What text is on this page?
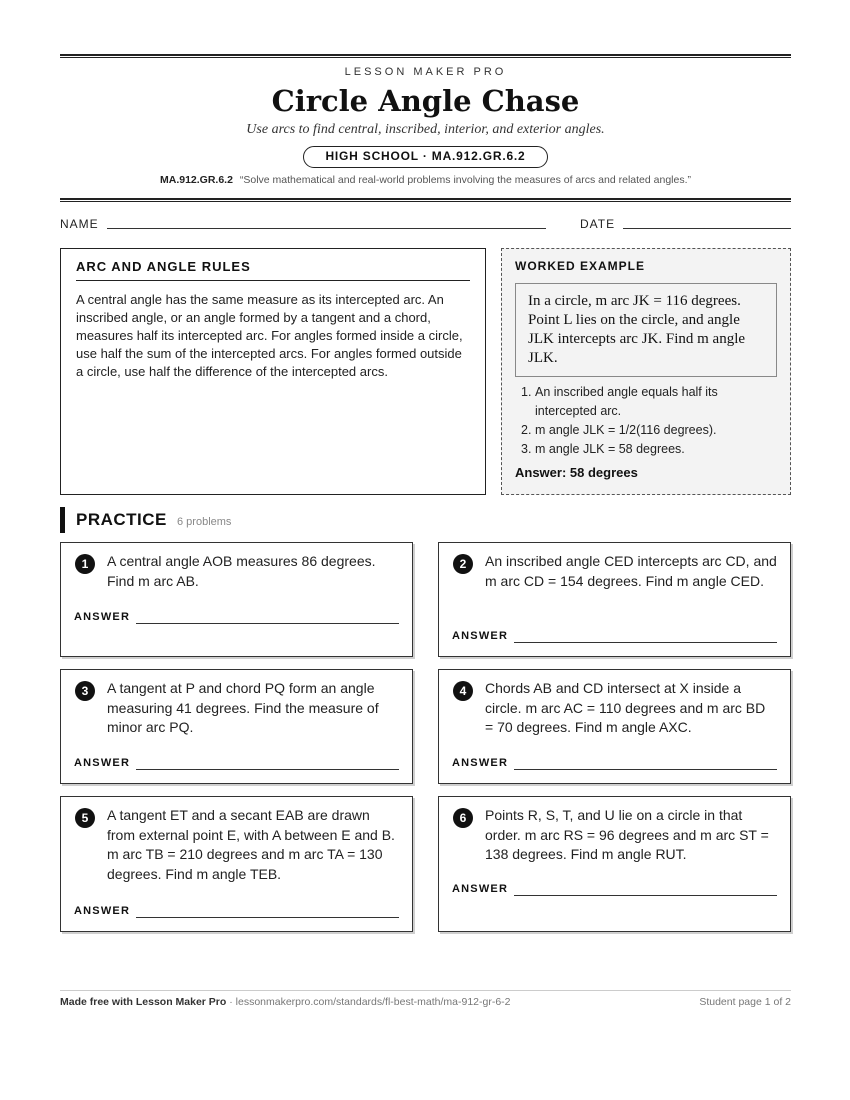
LESSON MAKER PRO
Circle Angle Chase
Use arcs to find central, inscribed, interior, and exterior angles.
HIGH SCHOOL · MA.912.GR.6.2
MA.912.GR.6.2 “Solve mathematical and real-world problems involving the measures of arcs and related angles.”
NAME	DATE
ARC AND ANGLE RULES
A central angle has the same measure as its intercepted arc. An inscribed angle, or an angle formed by a tangent and a chord, measures half its intercepted arc. For angles formed inside a circle, use half the sum of the intercepted arcs. For angles formed outside a circle, use half the difference of the intercepted arcs.
WORKED EXAMPLE
In a circle, m arc JK = 116 degrees. Point L lies on the circle, and angle JLK intercepts arc JK. Find m angle JLK.
1. An inscribed angle equals half its intercepted arc.
2. m angle JLK = 1/2(116 degrees).
3. m angle JLK = 58 degrees.
Answer: 58 degrees
PRACTICE 6 problems
1	A central angle AOB measures 86 degrees. Find m arc AB.
ANSWER
2	An inscribed angle CED intercepts arc CD, and m arc CD = 154 degrees. Find m angle CED.
ANSWER
3	A tangent at P and chord PQ form an angle measuring 41 degrees. Find the measure of minor arc PQ.
ANSWER
4	Chords AB and CD intersect at X inside a circle. m arc AC = 110 degrees and m arc BD = 70 degrees. Find m angle AXC.
ANSWER
5	A tangent ET and a secant EAB are drawn from external point E, with A between E and B. m arc TB = 210 degrees and m arc TA = 130 degrees. Find m angle TEB.
ANSWER
6	Points R, S, T, and U lie on a circle in that order. m arc RS = 96 degrees and m arc ST = 138 degrees. Find m angle RUT.
ANSWER
Made free with Lesson Maker Pro · lessonmakerpro.com/standards/fl-best-math/ma-912-gr-6-2	Student page 1 of 2
